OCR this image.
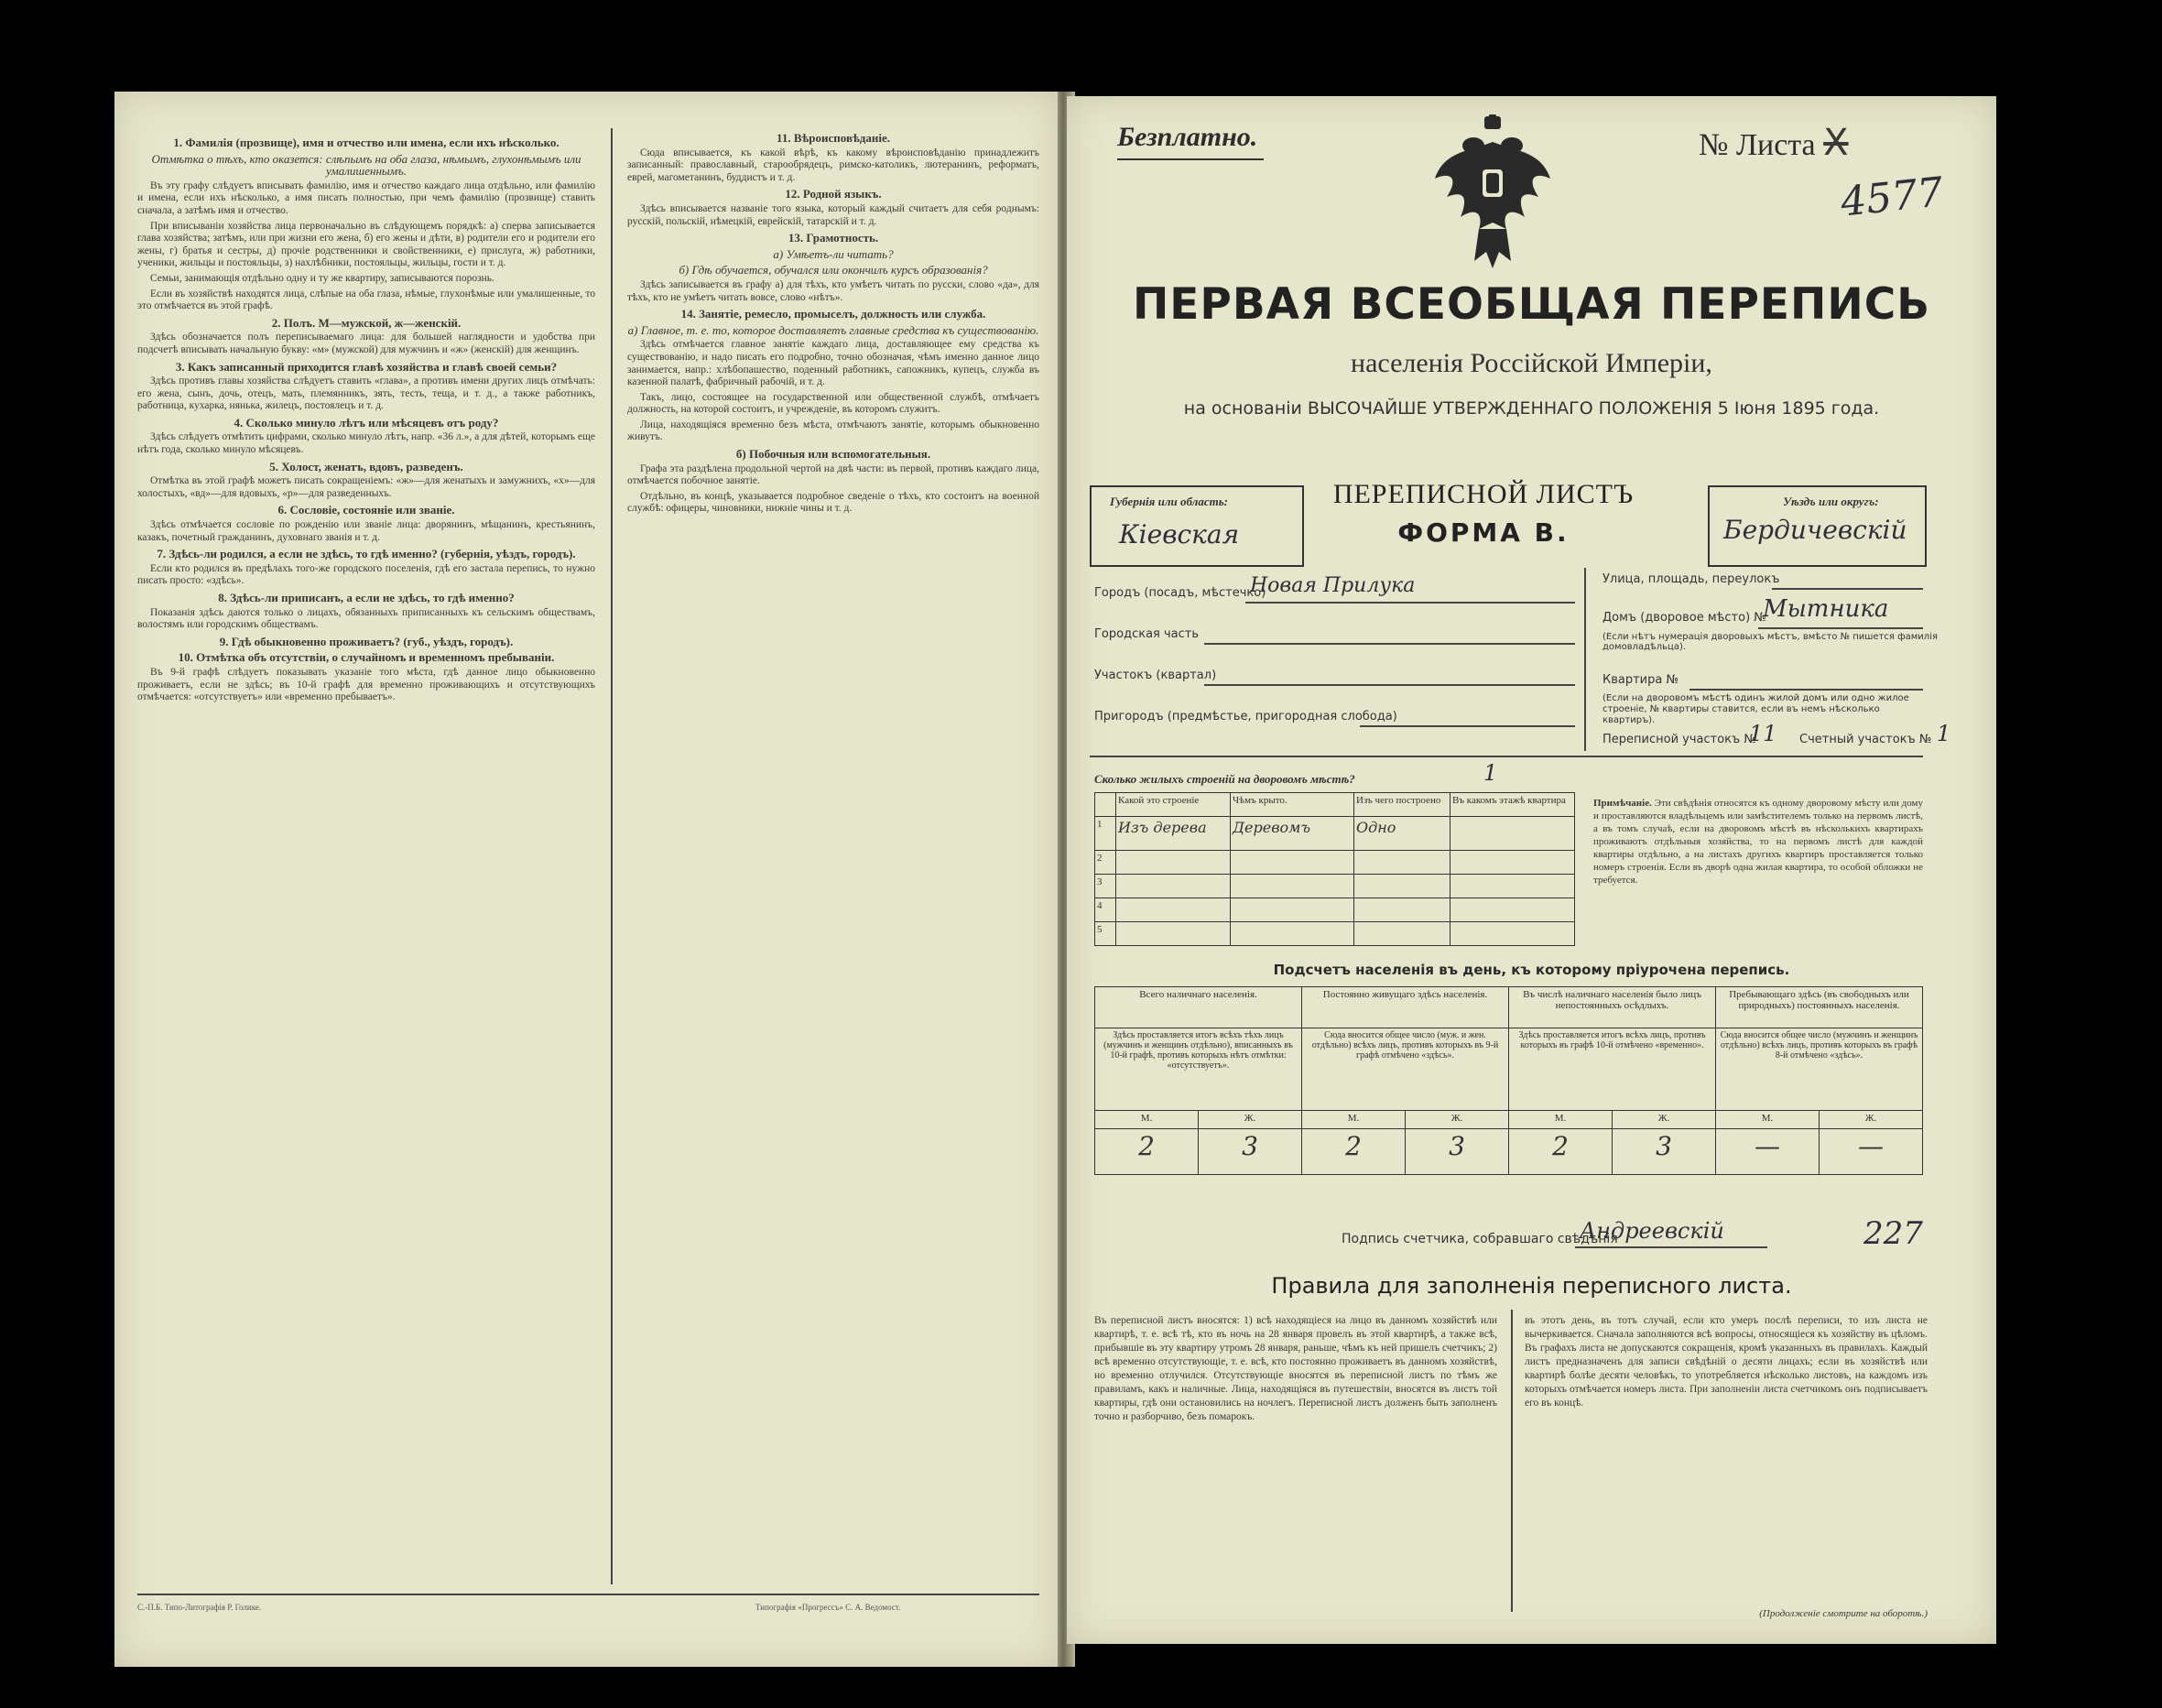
1. Фамилія (прозвище), имя и отчество или имена, если ихъ нѣсколько.
Отмѣтка о тѣхъ, кто оказется: слѣпымъ на оба глаза, нѣмымъ, глухонѣмымъ или умалишеннымъ.

Въ эту графу слѣдуетъ вписывать фамилію, имя и отчество каждаго лица отдѣльно, или фамилію и имена, если ихъ нѣсколько, а имя писать полностью, при чемъ фамилію (прозвище) ставить сначала, а затѣмъ имя и отчество.

При вписываніи хозяйства лица первоначально въ слѣдующемъ порядкѣ: а) сперва записывается глава хозяйства; затѣмъ, или при жизни его жена, б) его жены и дѣти, в) родители его и родители его жены, г) братья и сестры, д) прочіе родственники и свойственники, е) прислуга, ж) работники, ученики, жильцы и постояльцы, з) нахлѣбники, постояльцы, жильцы, гости и т. д.

Семьи, занимающія отдѣльно одну и ту же квартиру, записываются порознь.

Если въ хозяйствѣ находятся лица, слѣпые на оба глаза, нѣмые, глухонѣмые или умалишенные, то это отмѣчается въ этой графѣ.

2. Полъ. М—мужской, ж—женскій.

Здѣсь обозначается полъ переписываемаго лица: для большей наглядности и удобства при подсчетѣ вписывать начальную букву: «м» (мужской) для мужчинъ и «ж» (женскій) для женщинъ.

3. Какъ записанный приходится главѣ хозяйства и главѣ своей семьи?

Здѣсь противъ главы хозяйства слѣдуетъ ставить «глава», а противъ имени других лицъ отмѣчать: его жена, сынъ, дочь, отецъ, мать, племянникъ, зять, тесть, теща, и т. д., а также работникъ, работница, кухарка, нянька, жилецъ, постоялецъ и т. д.

4. Сколько минуло лѣтъ или мѣсяцевъ отъ роду?

Здѣсь слѣдуетъ отмѣтить цифрами, сколько минуло лѣтъ, напр. «36 л.», а для дѣтей, которымъ еще нѣтъ года, сколько минуло мѣсяцевъ.

5. Холост, женатъ, вдовъ, разведенъ.

Отмѣтка въ этой графѣ можетъ писать сокращеніемъ: «ж»—для женатыхъ и замужнихъ, «х»—для холостыхъ, «вд»—для вдовыхъ, «р»—для разведенныхъ.

6. Сословіе, состояніе или званіе.

Здѣсь отмѣчается сословіе по рожденію или званіе лица: дворянинъ, мѣщанинъ, крестьянинъ, казакъ, почетный гражданинъ, духовнаго званія и т. д.

7. Здѣсь-ли родился, а если не здѣсь, то гдѣ именно? (губернія, уѣздъ, городъ).

Если кто родился въ предѣлахъ того-же городского поселенія, гдѣ его застала перепись, то нужно писать просто: «здѣсь».

8. Здѣсь-ли приписанъ, а если не здѣсь, то гдѣ именно?

Показанія здѣсь даются только о лицахъ, обязанныхъ приписанныхъ къ сельскимъ обществамъ, волостямъ или городскимъ обществамъ.

9. Гдѣ обыкновенно проживаетъ? (губ., уѣздъ, городъ).
10. Отмѣтка объ отсутствіи, о случайномъ и временномъ пребываніи.

Въ 9-й графѣ слѣдуетъ показывать указаніе того мѣста, гдѣ данное лицо обыкновенно проживаетъ, если не здѣсь; въ 10-й графѣ для временно проживающихъ и отсутствующихъ отмѣчается: «отсутствуетъ» или «временно пребываетъ».

11. Вѣроисповѣданіе.

Сюда вписывается, къ какой вѣрѣ, къ какому вѣроисповѣданію принадлежитъ записанный: православный, старообрядецъ, римско-католикъ, лютеранинъ, реформатъ, еврей, магометанинъ, буддистъ и т. д.

12. Родной языкъ.

Здѣсь вписывается названіе того языка, который каждый считаетъ для себя роднымъ: русскій, польскій, нѣмецкій, еврейскій, татарскій и т. д.

13. Грамотность.
а) Умѣетъ-ли читать?
б) Гдѣ обучается, обучался или окончилъ курсъ образованія?

Здѣсь записывается въ графу а) для тѣхъ, кто умѣетъ читать по русски, слово «да», для тѣхъ, кто не умѣетъ читать вовсе, слово «нѣтъ».

14. Занятіе, ремесло, промыселъ, должность или служба.
а) Главное, т. е. то, которое доставляетъ главные средства къ существованію.

Здѣсь отмѣчается главное занятіе каждаго лица, доставляющее ему средства къ существованію, и надо писать его подробно, точно обозначая, чѣмъ именно данное лицо занимается, напр.: хлѣбопашество, поденный работникъ, сапожникъ, купецъ, служба въ казенной палатѣ, фабричный рабочій, и т. д.

Такъ, лицо, состоящее на государственной или общественной службѣ, отмѣчаетъ должность, на которой состоитъ, и учрежденіе, въ которомъ служитъ.

Лица, находящіяся временно безъ мѣста, отмѣчаютъ занятіе, которымъ обыкновенно живутъ.

б) Побочныя или вспомогательныя.

Графа эта раздѣлена продольной чертой на двѣ части: въ первой, противъ каждаго лица, отмѣчается побочное занятіе.

Отдѣльно, въ концѣ, указывается подробное сведеніе о тѣхъ, кто состоитъ на военной службѣ: офицеры, чиновники, нижніе чины и т. д.

С.-П.Б. Типо-Литографія Р. Голике.	Типографія «Прогрессъ» С. А. Ведомост.
Безплатно.	№ Листа X
4577
ПЕРВАЯ ВСЕОБЩАЯ ПЕРЕПИСЬ
населенія Россійской Имперіи,
на основаніи ВЫСОЧАЙШЕ УТВЕРЖДЕННАГО ПОЛОЖЕНІЯ 5 Іюня 1895 года.
Губернія или область:
Кіевская
ПЕРЕПИСНОЙ ЛИСТЪ
ФОРМА В.
Уѣздъ или округъ:
Бердичевскій
Городъ (посадъ, мѣстечко)
Новая Прилука
Городская часть
Участокъ (квартал)
Пригородъ (предмѣстье, пригородная слобода)
Улица, площадь, переулокъ
Домъ (дворовое мѣсто) №
Мытника
(Если нѣтъ нумерація дворовыхъ мѣстъ, вмѣсто № пишется фамилія домовладѣльца).
Квартира №
(Если на дворовомъ мѣстѣ одинъ жилой домъ или одно жилое строеніе, № квартиры ставится, если въ немъ нѣсколько квартиръ).
Переписной участокъ №
11 Счетный участокъ № 1
Сколько жилыхъ строеній на дворовомъ мѣстѣ?	1
	Какой это строеніе	Чѣмъ крыто.	Изъ чего построено	Въ какомъ этажѣ квартира
1	Изъ дерева	Деревомъ	Одно	
2				
3				
4				
5				
Примѣчаніе. Эти свѣдѣнія относятся къ одному дворовому мѣсту или дому и проставляются владѣльцемъ или замѣстителемъ только на первомъ листѣ, а въ томъ случаѣ, если на дворовомъ мѣстѣ въ нѣсколькихъ квартирахъ проживаютъ отдѣльныя хозяйства, то на первомъ листѣ для каждой квартиры отдѣльно, а на листахъ другихъ квартиръ проставляется только номеръ строенія. Если въ дворѣ одна жилая квартира, то особой обложки не требуется.
Подсчетъ населенія въ день, къ которому пріурочена перепись.
Всего наличнаго населенія.		Постоянно живущаго здѣсь населенія.		Въ числѣ наличнаго населенія было лицъ непостоянныхъ осѣдлыхъ.		Пребывающаго здѣсь (въ свободныхъ или природныхъ) постоянныхъ населенія.	
Здѣсь проставляется итогъ всѣхъ тѣхъ лицъ (мужчинъ и женщинъ отдѣльно), вписанныхъ въ 10-й графѣ, противъ которыхъ нѣтъ отмѣтки: «отсутствуетъ».		Сюда вносится общее число (муж. и жен. отдѣльно) всѣхъ лицъ, противъ которыхъ въ 9-й графѣ отмѣчено «здѣсь».		Здѣсь проставляется итогъ всѣхъ лицъ, противъ которыхъ въ графѣ 10-й отмѣчено «временно».		Сюда вносится общее число (мужчинъ и женщинъ отдѣльно) всѣхъ лицъ, противъ которыхъ въ графѣ 8-й отмѣчено «здѣсь».	
М.	Ж.	М.	Ж.	М.	Ж.	М.	Ж.
2	3	2	3	2	3	—	—
Подпись счетчика, собравшаго свѣдѣнія
Андреевскій	227
Правила для заполненія переписного листа.
Въ переписной листъ вносятся: 1) всѣ находящіеся на лицо въ данномъ хозяйствѣ или квартирѣ, т. е. всѣ тѣ, кто въ ночь на 28 января провелъ въ этой квартирѣ, а также всѣ, прибывшіе въ эту квартиру утромъ 28 января, раньше, чѣмъ къ ней пришелъ счетчикъ; 2) всѣ временно отсутствующіе, т. е. всѣ, кто постоянно проживаетъ въ данномъ хозяйствѣ, но временно отлучился. Отсутствующіе вносятся въ переписной листъ по тѣмъ же правиламъ, какъ и наличные. Лица, находящіяся въ путешествіи, вносятся въ листъ той квартиры, гдѣ они остановились на ночлегъ. Переписной листъ долженъ быть заполненъ точно и разборчиво, безъ помарокъ.
въ этотъ день, въ тотъ случай, если кто умеръ послѣ переписи, то изъ листа не вычеркивается. Сначала заполняются всѣ вопросы, относящіеся къ хозяйству въ цѣломъ. Въ графахъ листа не допускаются сокращенія, кромѣ указанныхъ въ правилахъ. Каждый листъ предназначенъ для записи свѣдѣній о десяти лицахъ; если въ хозяйствѣ или квартирѣ болѣе десяти человѣкъ, то употребляется нѣсколько листовъ, на каждомъ изъ которыхъ отмѣчается номеръ листа. При заполненіи листа счетчикомъ онъ подписываетъ его въ концѣ.
(Продолженіе смотрите на оборотѣ.)
